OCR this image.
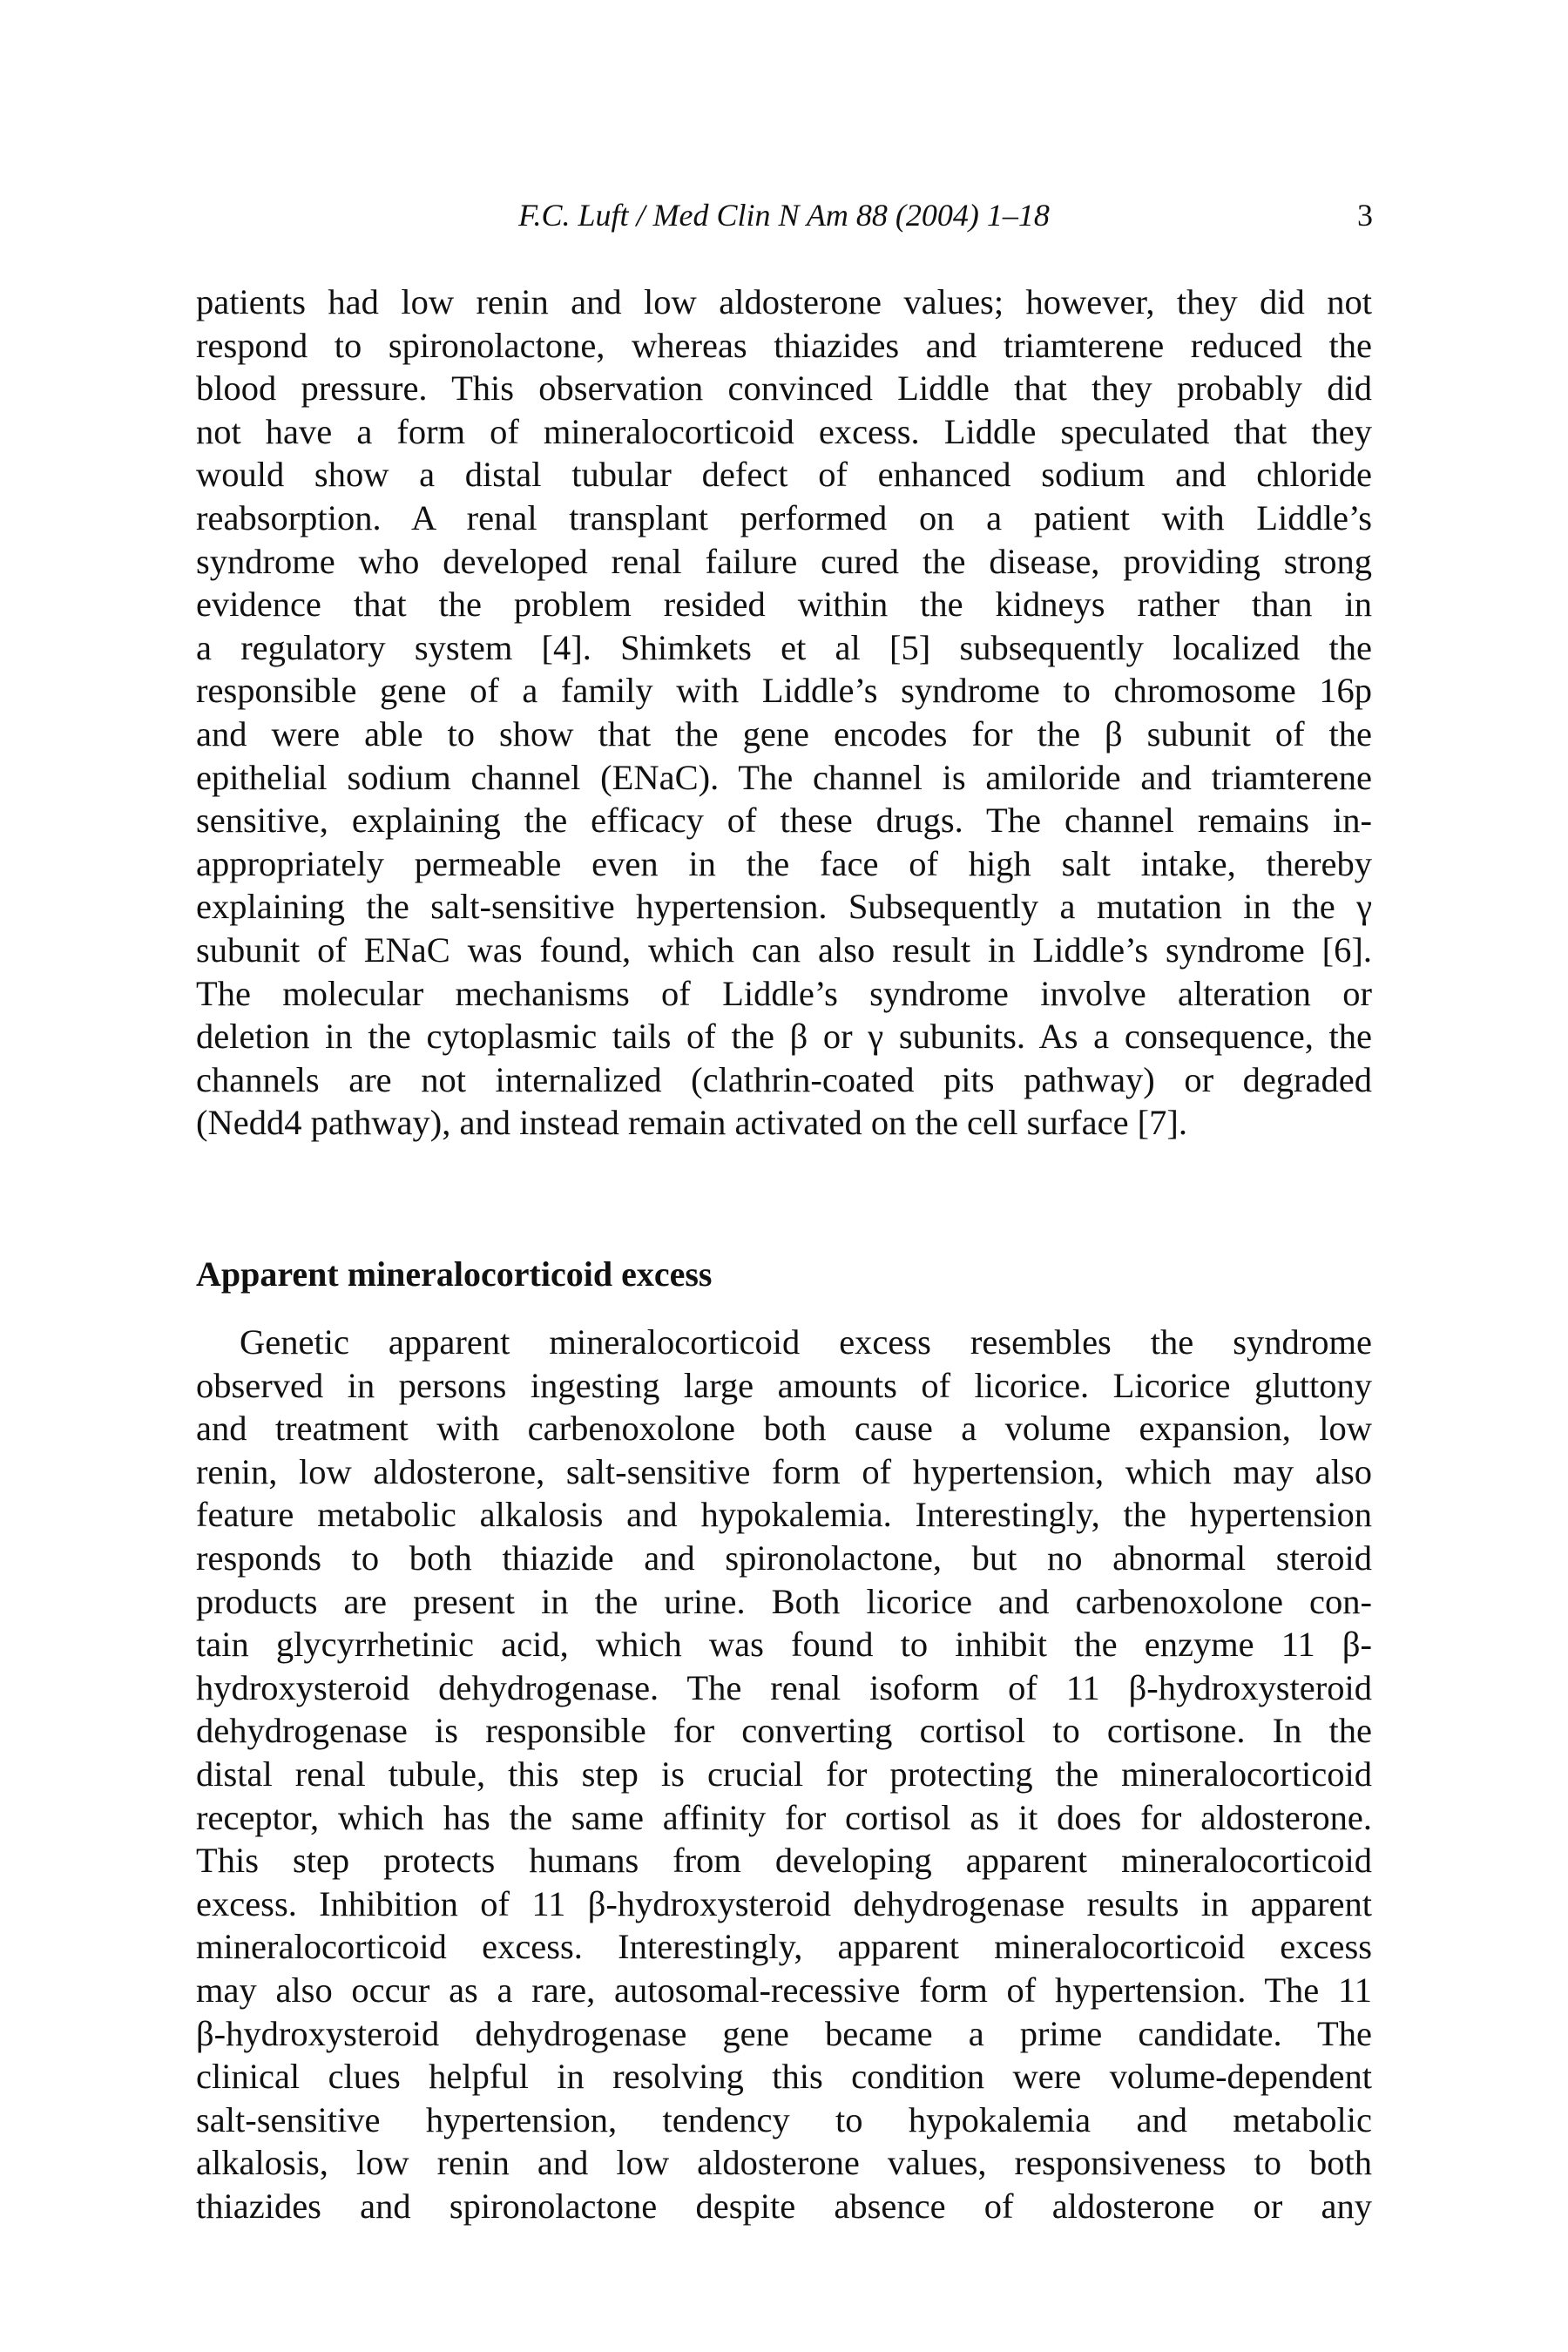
F.C. Luft / Med Clin N Am 88 (2004) 1–18	3
patients had low renin and low aldosterone values; however, they did not
respond to spironolactone, whereas thiazides and triamterene reduced the
blood pressure. This observation convinced Liddle that they probably did
not have a form of mineralocorticoid excess. Liddle speculated that they
would show a distal tubular defect of enhanced sodium and chloride
reabsorption. A renal transplant performed on a patient with Liddle’s
syndrome who developed renal failure cured the disease, providing strong
evidence that the problem resided within the kidneys rather than in
a regulatory system [4]. Shimkets et al [5] subsequently localized the
responsible gene of a family with Liddle’s syndrome to chromosome 16p
and were able to show that the gene encodes for the β subunit of the
epithelial sodium channel (ENaC). The channel is amiloride and triamterene
sensitive, explaining the efficacy of these drugs. The channel remains in-
appropriately permeable even in the face of high salt intake, thereby
explaining the salt-sensitive hypertension. Subsequently a mutation in the γ
subunit of ENaC was found, which can also result in Liddle’s syndrome [6].
The molecular mechanisms of Liddle’s syndrome involve alteration or
deletion in the cytoplasmic tails of the β or γ subunits. As a consequence, the
channels are not internalized (clathrin-coated pits pathway) or degraded
(Nedd4 pathway), and instead remain activated on the cell surface [7].
Apparent mineralocorticoid excess
Genetic apparent mineralocorticoid excess resembles the syndrome
observed in persons ingesting large amounts of licorice. Licorice gluttony
and treatment with carbenoxolone both cause a volume expansion, low
renin, low aldosterone, salt-sensitive form of hypertension, which may also
feature metabolic alkalosis and hypokalemia. Interestingly, the hypertension
responds to both thiazide and spironolactone, but no abnormal steroid
products are present in the urine. Both licorice and carbenoxolone con-
tain glycyrrhetinic acid, which was found to inhibit the enzyme 11 β-
hydroxysteroid dehydrogenase. The renal isoform of 11 β-hydroxysteroid
dehydrogenase is responsible for converting cortisol to cortisone. In the
distal renal tubule, this step is crucial for protecting the mineralocorticoid
receptor, which has the same affinity for cortisol as it does for aldosterone.
This step protects humans from developing apparent mineralocorticoid
excess. Inhibition of 11 β-hydroxysteroid dehydrogenase results in apparent
mineralocorticoid excess. Interestingly, apparent mineralocorticoid excess
may also occur as a rare, autosomal-recessive form of hypertension. The 11
β-hydroxysteroid dehydrogenase gene became a prime candidate. The
clinical clues helpful in resolving this condition were volume-dependent
salt-sensitive hypertension, tendency to hypokalemia and metabolic
alkalosis, low renin and low aldosterone values, responsiveness to both
thiazides and spironolactone despite absence of aldosterone or any
